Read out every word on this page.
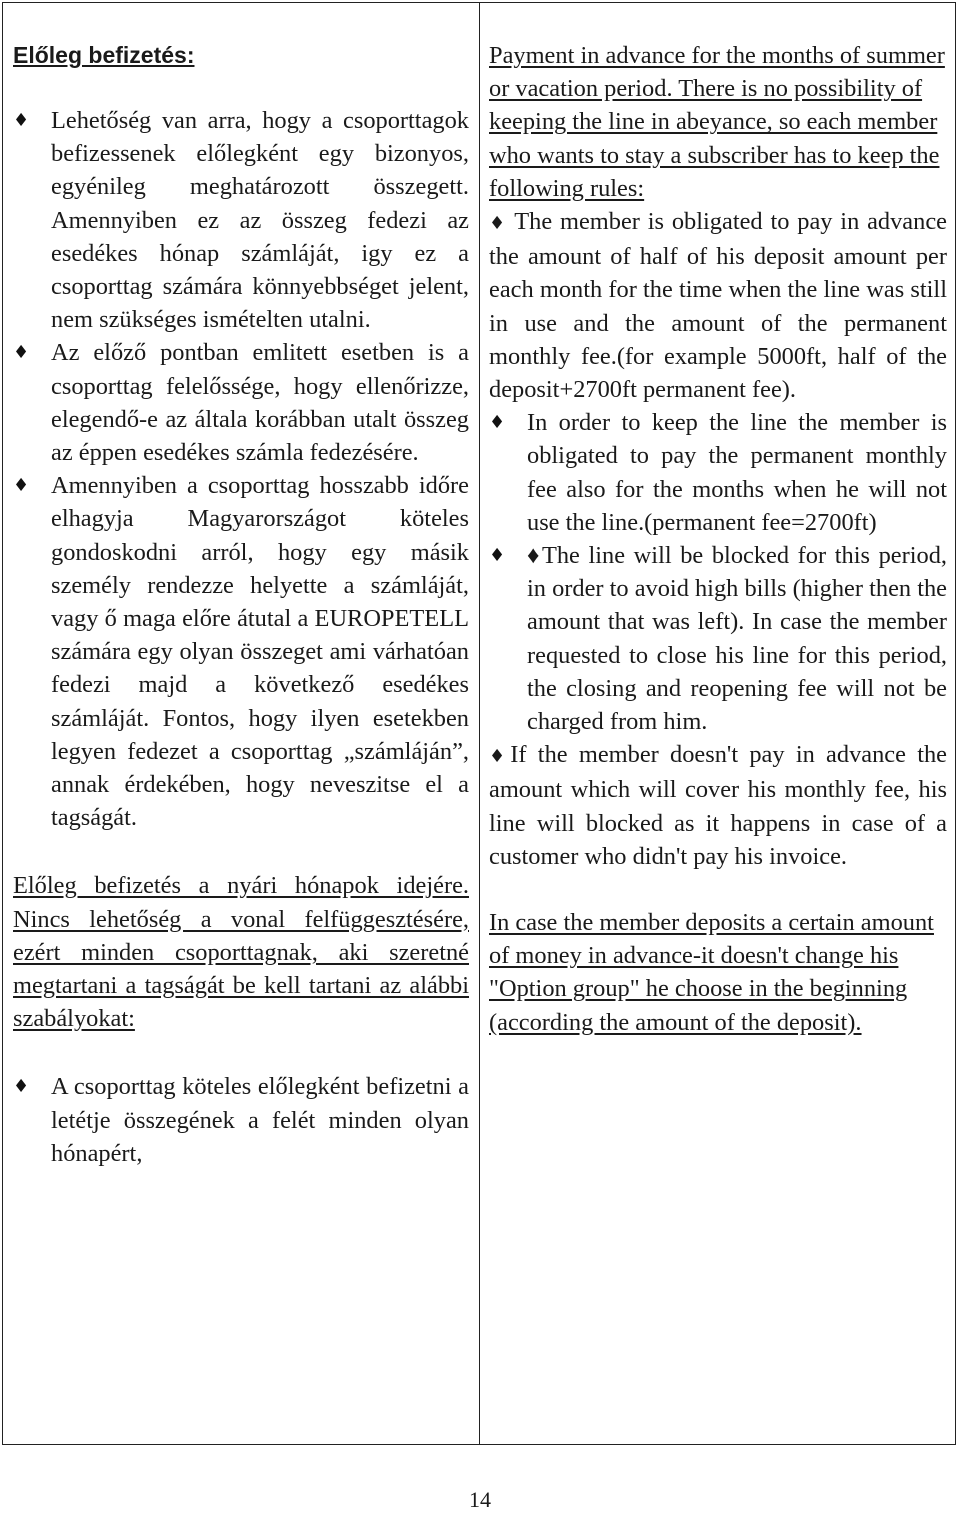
Előleg befizetés:

♦ Lehetőség van arra, hogy a csoporttagok befizessenek előlegként egy bizonyos, egyénileg meghatározott összegett. Amennyiben ez az összeg fedezi az esedékes hónap számláját, igy ez a csoporttag számára könnyebbséget jelent, nem szükséges ismételten utalni.
♦ Az előző pontban emlitett esetben is a csoporttag felelőssége, hogy ellenőrizze, elegendő-e az általa korábban utalt összeg az éppen esedékes számla fedezésére.

♦ Amennyiben a csoporttag hosszabb időre elhagyja Magyarországot köteles gondoskodni arról, hogy egy másik személy rendezze helyette a számláját, vagy ő maga előre átutal a EUROPETELL számára egy olyan összeget ami várhatóan fedezi majd a következő esedékes számláját. Fontos, hogy ilyen esetekben legyen fedezet a csoporttag „számláján”, annak érdekében, hogy neveszitse el a tagságát.

Előleg befizetés a nyári hónapok idejére. Nincs lehetőség a vonal felfüggesztésére, ezért minden csoporttagnak, aki szeretné megtartani a tagságát be kell tartani az alábbi szabályokat:

♦ A csoporttag köteles előlegként befizetni a letétje összegének a felét minden olyan hónapért,

Payment in advance for the months of summer or vacation period. There is no possibility of keeping the line in abeyance, so each member who wants to stay a subscriber has to keep the following rules:

♦ The member is obligated to pay in advance the amount of half of his deposit amount per each month for the time when the line was still in use and the amount of the permanent monthly fee.(for example 5000ft, half of the deposit+2700ft permanent fee).

♦ In order to keep the line the member is obligated to pay the permanent monthly fee also for the months when he will not use the line.(permanent fee=2700ft)

♦ ♦The line will be blocked for this period, in order to avoid high bills (higher then the amount that was left). In case the member requested to close his line for this period, the closing and reopening fee will not be charged from him.

♦If the member doesn't pay in advance the amount which will cover his monthly fee, his line will blocked as it happens in case of a customer who didn't pay his invoice.

In case the member deposits a certain amount of money in advance-it doesn't change his "Option group" he choose in the beginning (according the amount of the deposit).

14
